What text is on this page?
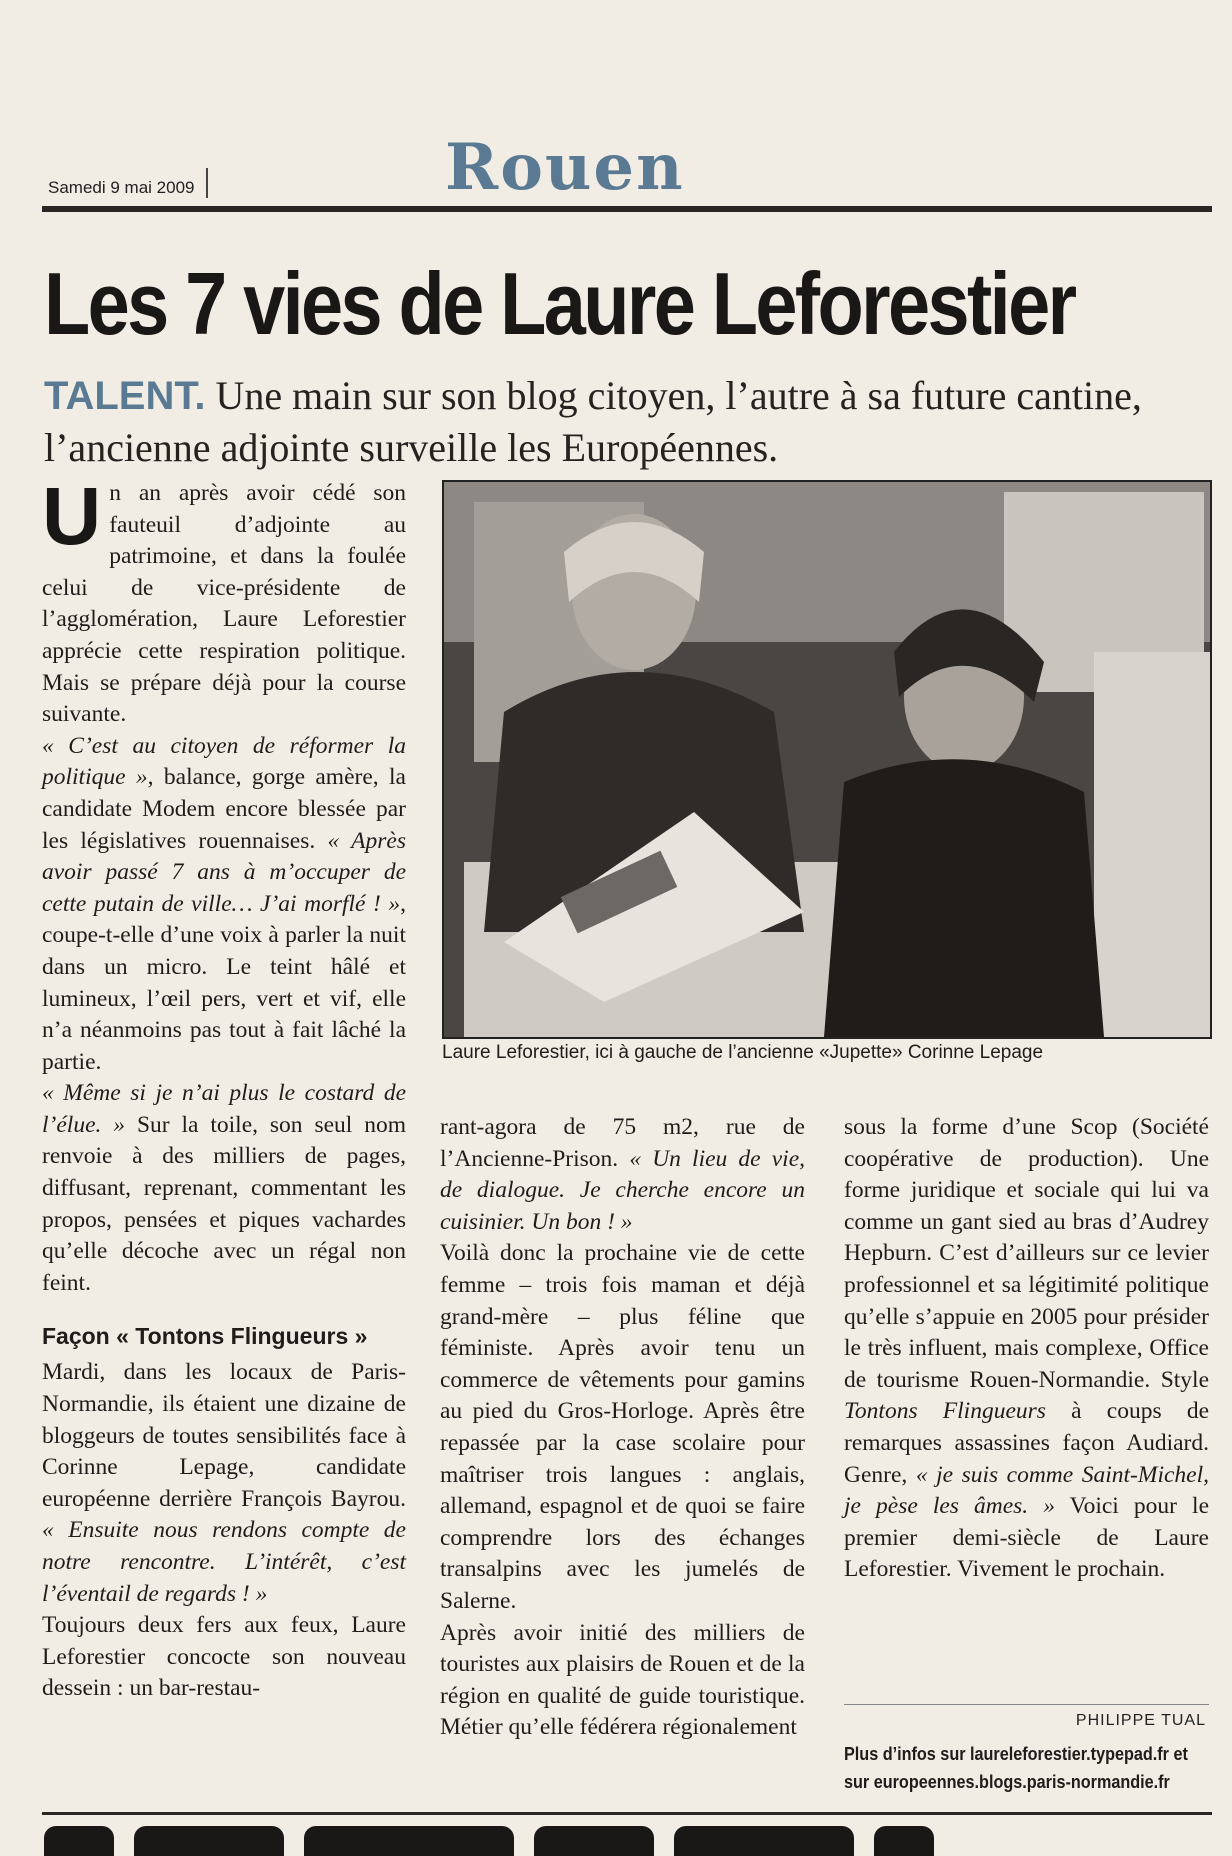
Samedi 9 mai 2009	Rouen
Les 7 vies de Laure Leforestier
TALENT. Une main sur son blog citoyen, l’autre à sa future cantine, l’ancienne adjointe surveille les Européennes.

Un an après avoir cédé son fauteuil d’adjointe au patrimoine, et dans la foulée celui de vice-présidente de l’agglomération, Laure Leforestier apprécie cette respiration politique. Mais se prépare déjà pour la course suivante.

« C’est au citoyen de réformer la politique », balance, gorge amère, la candidate Modem encore blessée par les législatives rouennaises. « Après avoir passé 7 ans à m’occuper de cette putain de ville… J’ai morflé ! », coupe-t-elle d’une voix à parler la nuit dans un micro. Le teint hâlé et lumineux, l’œil pers, vert et vif, elle n’a néanmoins pas tout à fait lâché la partie.

« Même si je n’ai plus le costard de l’élue. » Sur la toile, son seul nom renvoie à des milliers de pages, diffusant, reprenant, commentant les propos, pensées et piques vachardes qu’elle décoche avec un régal non feint.

Façon « Tontons Flingueurs »

Mardi, dans les locaux de Paris-Normandie, ils étaient une dizaine de bloggeurs de toutes sensibilités face à Corinne Lepage, candidate européenne derrière François Bayrou. « Ensuite nous rendons compte de notre rencontre. L’intérêt, c’est l’éventail de regards ! »

Toujours deux fers aux feux, Laure Leforestier concocte son nouveau dessein : un bar-restau-

Laure Leforestier, ici à gauche de l’ancienne «Jupette» Corinne Lepage

rant-agora de 75 m2, rue de l’Ancienne-Prison. « Un lieu de vie, de dialogue. Je cherche encore un cuisinier. Un bon ! »

Voilà donc la prochaine vie de cette femme – trois fois maman et déjà grand-mère – plus féline que féministe. Après avoir tenu un commerce de vêtements pour gamins au pied du Gros-Horloge. Après être repassée par la case scolaire pour maîtriser trois langues : anglais, allemand, espagnol et de quoi se faire comprendre lors des échanges transalpins avec les jumelés de Salerne.

Après avoir initié des milliers de touristes aux plaisirs de Rouen et de la région en qualité de guide touristique. Métier qu’elle fédérera régionalement

sous la forme d’une Scop (Société coopérative de production). Une forme juridique et sociale qui lui va comme un gant sied au bras d’Audrey Hepburn. C’est d’ailleurs sur ce levier professionnel et sa légitimité politique qu’elle s’appuie en 2005 pour présider le très influent, mais complexe, Office de tourisme Rouen-Normandie. Style Tontons Flingueurs à coups de remarques assassines façon Audiard. Genre, « je suis comme Saint-Michel, je pèse les âmes. » Voici pour le premier demi-siècle de Laure Leforestier. Vivement le prochain.

PHILIPPE TUAL
Plus d’infos sur laureleforestier.typepad.fr et
sur europeennes.blogs.paris-normandie.fr
